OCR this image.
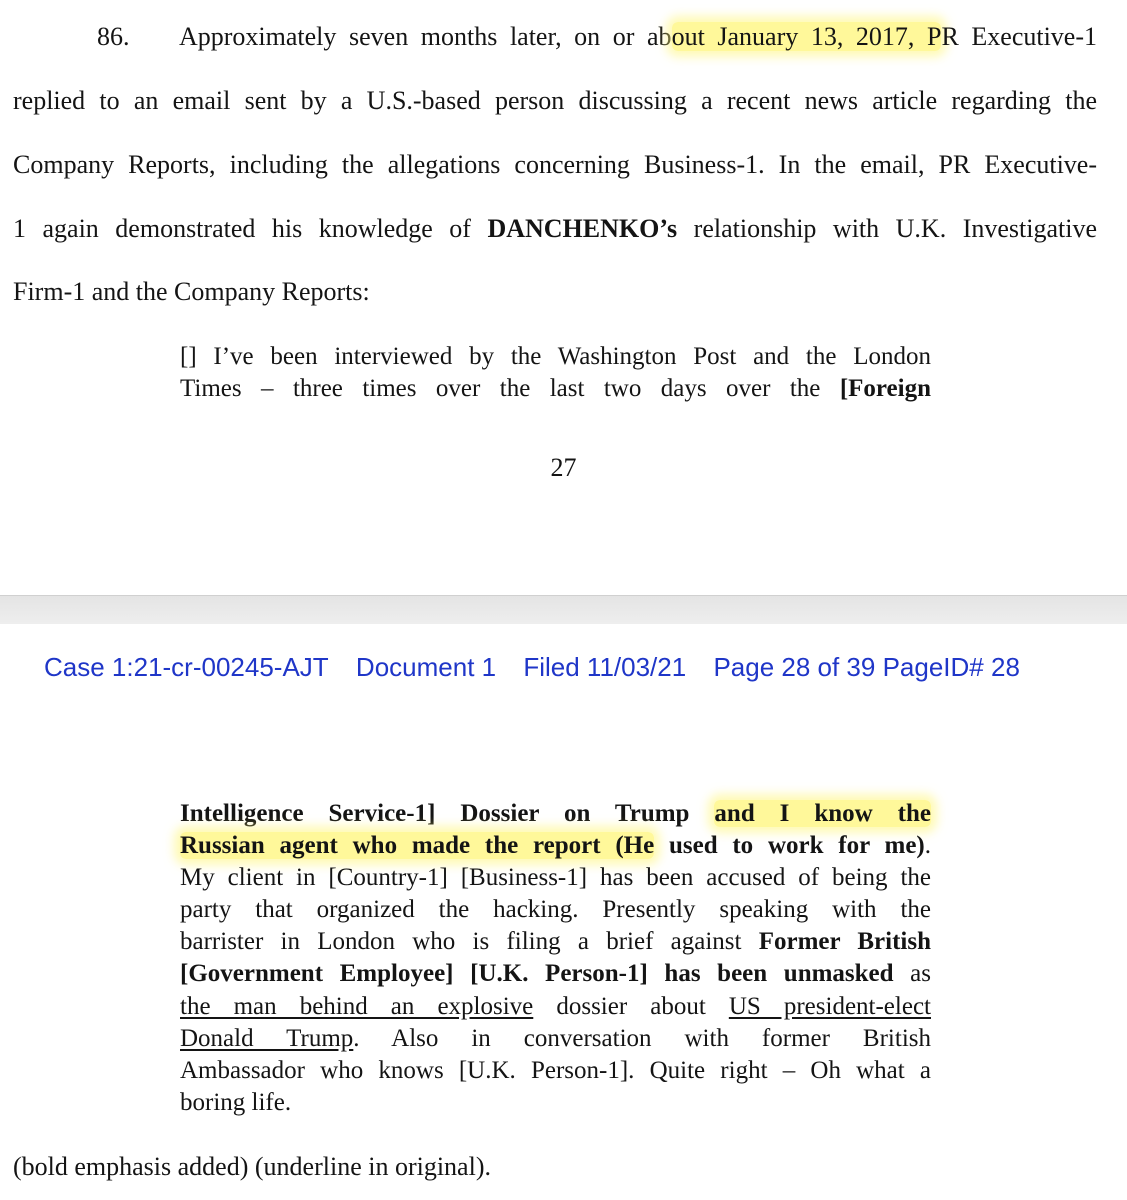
86. Approximately seven months later, on or about January 13, 2017, PR Executive-1
replied to an email sent by a U.S.-based person discussing a recent news article regarding the
Company Reports, including the allegations concerning Business-1. In the email, PR Executive-
1 again demonstrated his knowledge of DANCHENKO’s relationship with U.K. Investigative
Firm-1 and the Company Reports:
[] I’ve been interviewed by the Washington Post and the London
Times – three times over the last two days over the [Foreign
27
Case 1:21-cr-00245-AJT Document 1 Filed 11/03/21 Page 28 of 39 PageID# 28
Intelligence Service-1] Dossier on Trump and I know the
Russian agent who made the report (He used to work for me).
My client in [Country-1] [Business-1] has been accused of being the
party that organized the hacking. Presently speaking with the
barrister in London who is filing a brief against Former British
[Government Employee] [U.K. Person-1] has been unmasked as
the man behind an explosive dossier about US president-elect
Donald Trump. Also in conversation with former British
Ambassador who knows [U.K. Person-1]. Quite right – Oh what a
boring life.
(bold emphasis added) (underline in original).
